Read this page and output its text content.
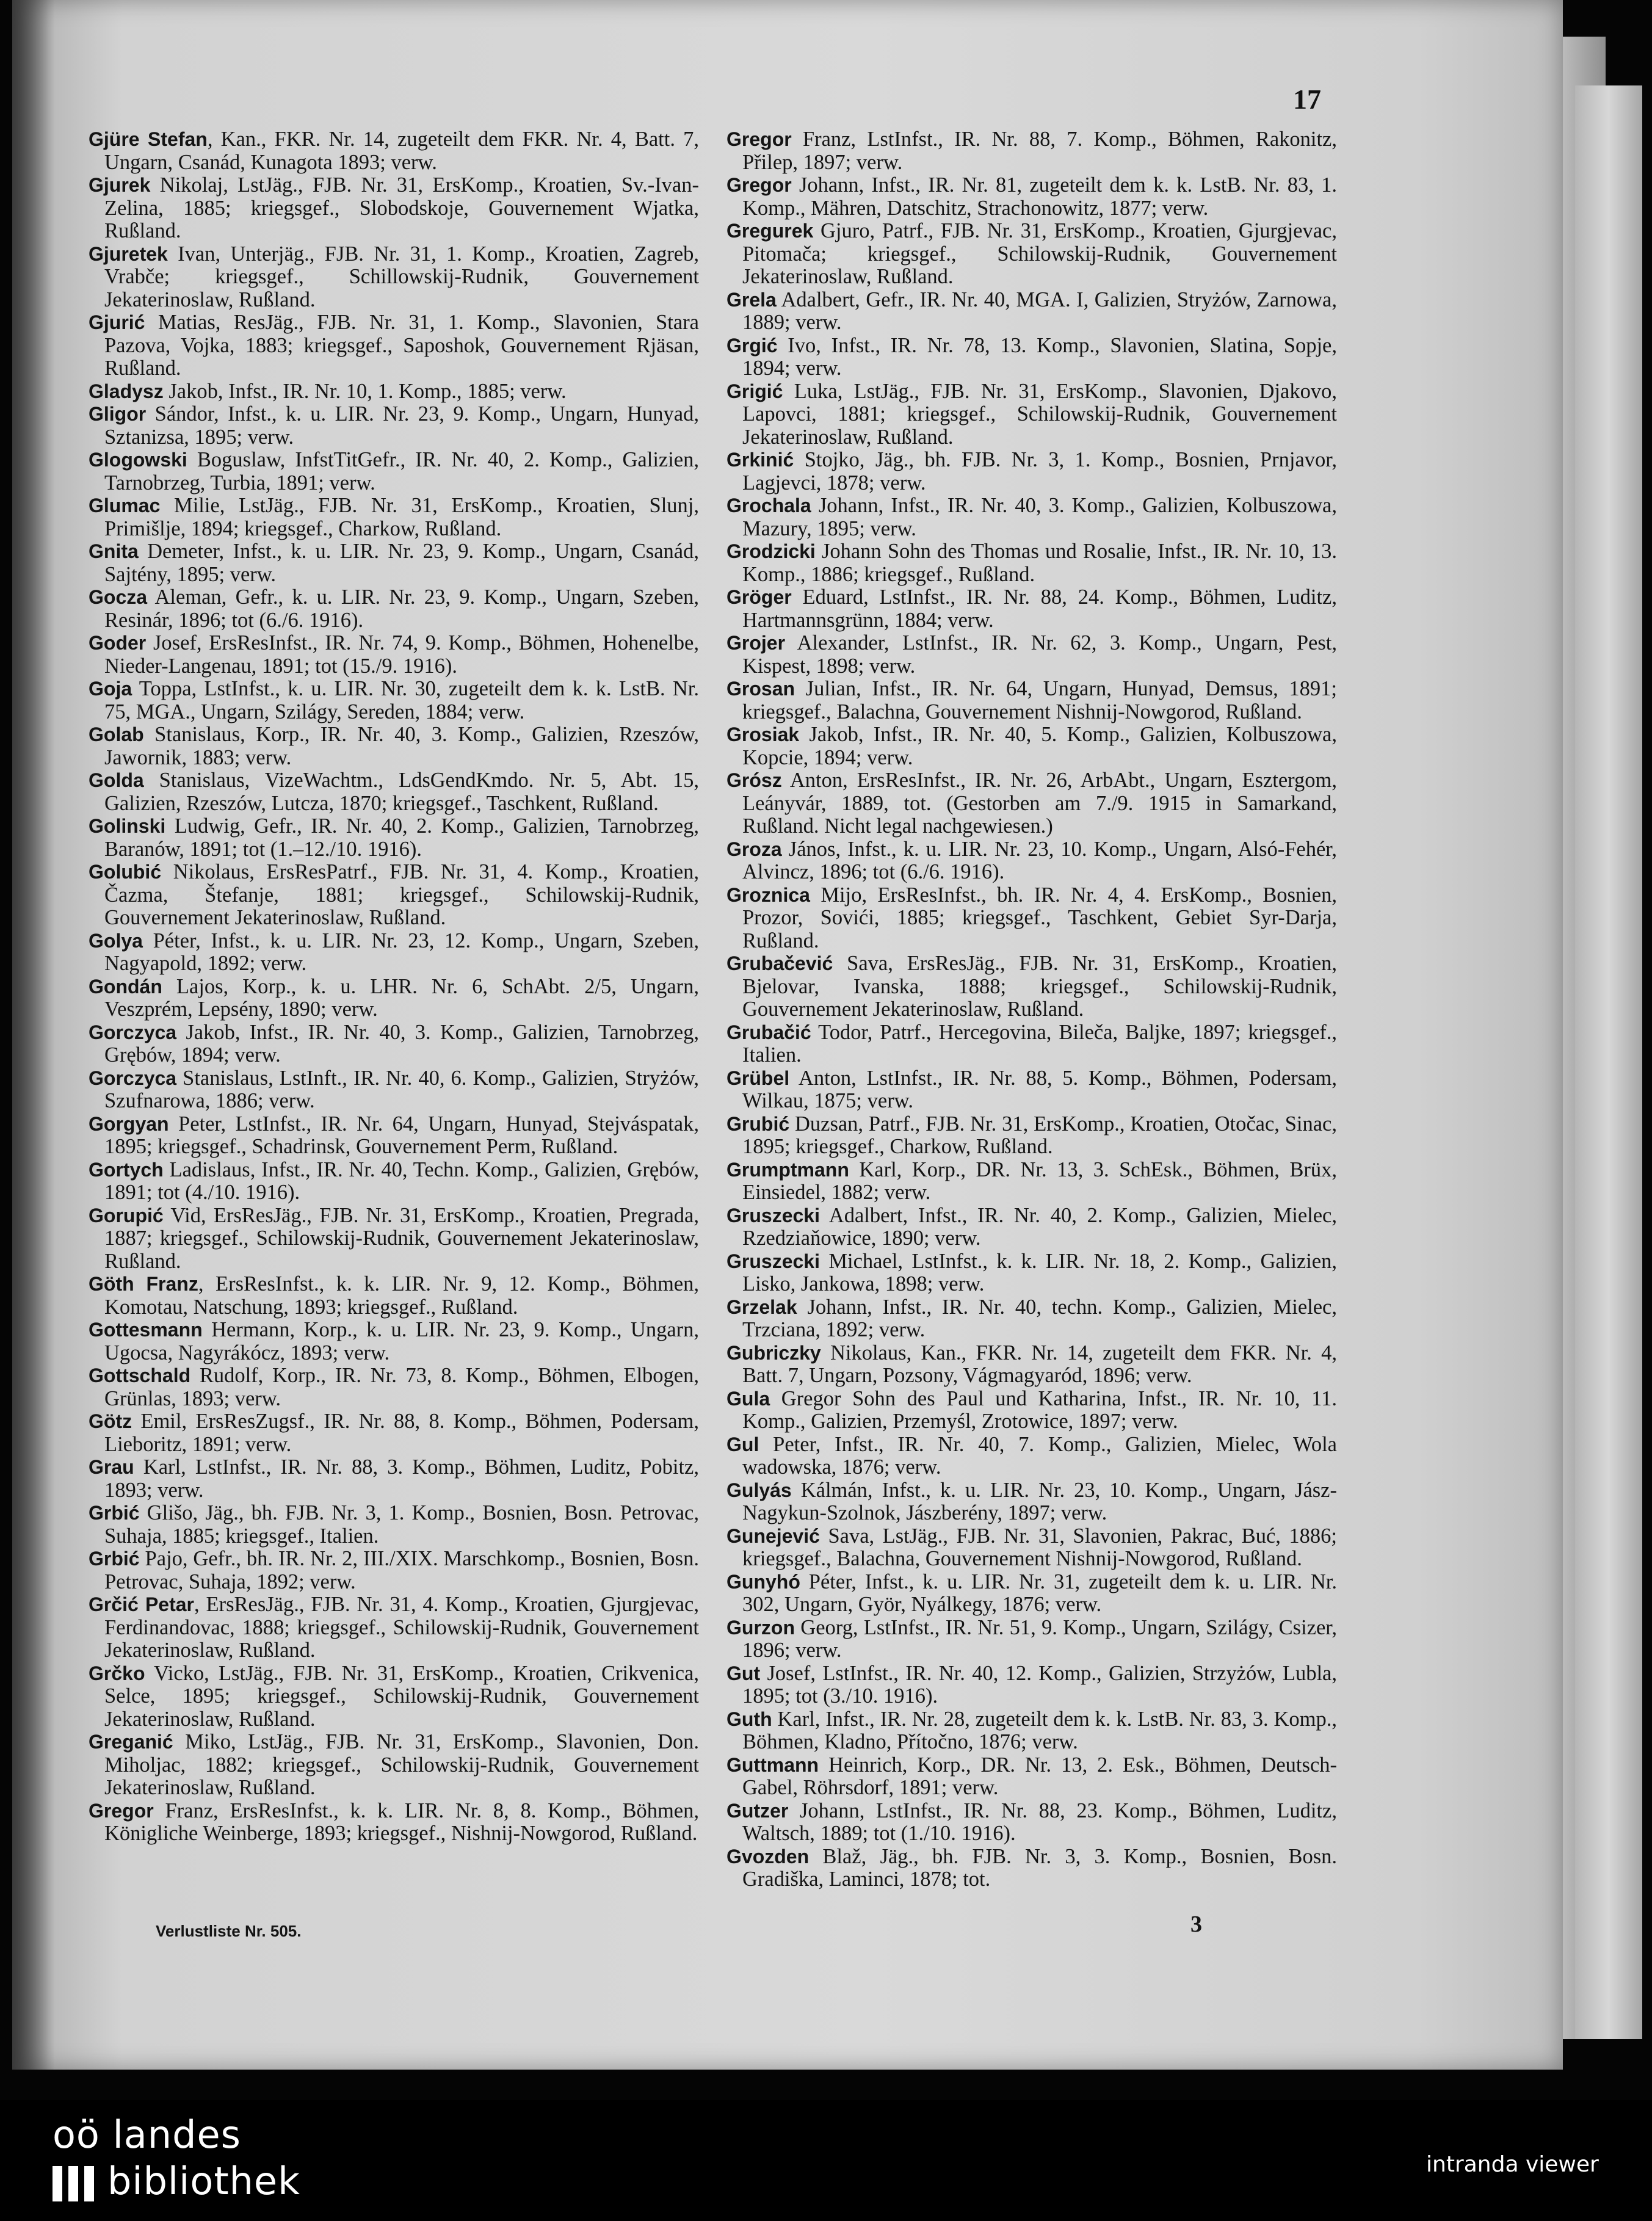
17

Gjüre Stefan, Kan., FKR. Nr. 14, zugeteilt dem FKR. Nr. 4, Batt. 7, Ungarn, Csanád, Kunagota 1893; verw.

Gjurek Nikolaj, LstJäg., FJB. Nr. 31, ErsKomp., Kroatien, Sv.-Ivan-Zelina, 1885; kriegsgef., Slobodskoje, Gouvernement Wjatka, Rußland.

Gjuretek Ivan, Unterjäg., FJB. Nr. 31, 1. Komp., Kroatien, Zagreb, Vrabče; kriegsgef., Schillowskij-Rudnik, Gouvernement Jekaterinoslaw, Rußland.

Gjurić Matias, ResJäg., FJB. Nr. 31, 1. Komp., Slavonien, Stara Pazova, Vojka, 1883; kriegsgef., Saposhok, Gouvernement Rjäsan, Rußland.

Gladysz Jakob, Infst., IR. Nr. 10, 1. Komp., 1885; verw.

Gligor Sándor, Infst., k. u. LIR. Nr. 23, 9. Komp., Ungarn, Hunyad, Sztanizsa, 1895; verw.

Glogowski Boguslaw, InfstTitGefr., IR. Nr. 40, 2. Komp., Galizien, Tarnobrzeg, Turbia, 1891; verw.

Glumac Milie, LstJäg., FJB. Nr. 31, ErsKomp., Kroatien, Slunj, Primišlje, 1894; kriegsgef., Charkow, Rußland.

Gnita Demeter, Infst., k. u. LIR. Nr. 23, 9. Komp., Ungarn, Csanád, Sajtény, 1895; verw.

Gocza Aleman, Gefr., k. u. LIR. Nr. 23, 9. Komp., Ungarn, Szeben, Resinár, 1896; tot (6./6. 1916).

Goder Josef, ErsResInfst., IR. Nr. 74, 9. Komp., Böhmen, Hohenelbe, Nieder-Langenau, 1891; tot (15./9. 1916).

Goja Toppa, LstInfst., k. u. LIR. Nr. 30, zugeteilt dem k. k. LstB. Nr. 75, MGA., Ungarn, Szilágy, Sereden, 1884; verw.

Golab Stanislaus, Korp., IR. Nr. 40, 3. Komp., Galizien, Rzeszów, Jawornik, 1883; verw.

Golda Stanislaus, VizeWachtm., LdsGendKmdo. Nr. 5, Abt. 15, Galizien, Rzeszów, Lutcza, 1870; kriegsgef., Taschkent, Rußland.

Golinski Ludwig, Gefr., IR. Nr. 40, 2. Komp., Galizien, Tarnobrzeg, Baranów, 1891; tot (1.–12./10. 1916).

Golubić Nikolaus, ErsResPatrf., FJB. Nr. 31, 4. Komp., Kroatien, Čazma, Štefanje, 1881; kriegsgef., Schilowskij-Rudnik, Gouvernement Jekaterinoslaw, Rußland.

Golya Péter, Infst., k. u. LIR. Nr. 23, 12. Komp., Ungarn, Szeben, Nagyapold, 1892; verw.

Gondán Lajos, Korp., k. u. LHR. Nr. 6, SchAbt. 2/5, Ungarn, Veszprém, Lepsény, 1890; verw.

Gorczyca Jakob, Infst., IR. Nr. 40, 3. Komp., Galizien, Tarnobrzeg, Grębów, 1894; verw.

Gorczyca Stanislaus, LstInft., IR. Nr. 40, 6. Komp., Galizien, Stryżów, Szufnarowa, 1886; verw.

Gorgyan Peter, LstInfst., IR. Nr. 64, Ungarn, Hunyad, Stejváspatak, 1895; kriegsgef., Schadrinsk, Gouvernement Perm, Rußland.

Gortych Ladislaus, Infst., IR. Nr. 40, Techn. Komp., Galizien, Grębów, 1891; tot (4./10. 1916).

Gorupić Vid, ErsResJäg., FJB. Nr. 31, ErsKomp., Kroatien, Pregrada, 1887; kriegsgef., Schilowskij-Rudnik, Gouvernement Jekaterinoslaw, Rußland.

Göth Franz, ErsResInfst., k. k. LIR. Nr. 9, 12. Komp., Böhmen, Komotau, Natschung, 1893; kriegsgef., Rußland.

Gottesmann Hermann, Korp., k. u. LIR. Nr. 23, 9. Komp., Ungarn, Ugocsa, Nagyrákócz, 1893; verw.

Gottschald Rudolf, Korp., IR. Nr. 73, 8. Komp., Böhmen, Elbogen, Grünlas, 1893; verw.

Götz Emil, ErsResZugsf., IR. Nr. 88, 8. Komp., Böhmen, Podersam, Lieboritz, 1891; verw.

Grau Karl, LstInfst., IR. Nr. 88, 3. Komp., Böhmen, Luditz, Pobitz, 1893; verw.

Grbić Glišo, Jäg., bh. FJB. Nr. 3, 1. Komp., Bosnien, Bosn. Petrovac, Suhaja, 1885; kriegsgef., Italien.

Grbić Pajo, Gefr., bh. IR. Nr. 2, III./XIX. Marschkomp., Bosnien, Bosn. Petrovac, Suhaja, 1892; verw.

Grčić Petar, ErsResJäg., FJB. Nr. 31, 4. Komp., Kroatien, Gjurgjevac, Ferdinandovac, 1888; kriegsgef., Schilowskij-Rudnik, Gouvernement Jekaterinoslaw, Rußland.

Grčko Vicko, LstJäg., FJB. Nr. 31, ErsKomp., Kroatien, Crikvenica, Selce, 1895; kriegsgef., Schilowskij-Rudnik, Gouvernement Jekaterinoslaw, Rußland.

Greganić Miko, LstJäg., FJB. Nr. 31, ErsKomp., Slavonien, Don. Miholjac, 1882; kriegsgef., Schilowskij-Rudnik, Gouvernement Jekaterinoslaw, Rußland.

Gregor Franz, ErsResInfst., k. k. LIR. Nr. 8, 8. Komp., Böhmen, Königliche Weinberge, 1893; kriegsgef., Nishnij-Nowgorod, Rußland.

Gregor Franz, LstInfst., IR. Nr. 88, 7. Komp., Böhmen, Rakonitz, Přilep, 1897; verw.

Gregor Johann, Infst., IR. Nr. 81, zugeteilt dem k. k. LstB. Nr. 83, 1. Komp., Mähren, Datschitz, Strachonowitz, 1877; verw.

Gregurek Gjuro, Patrf., FJB. Nr. 31, ErsKomp., Kroatien, Gjurgjevac, Pitomača; kriegsgef., Schilowskij-Rudnik, Gouvernement Jekaterinoslaw, Rußland.

Grela Adalbert, Gefr., IR. Nr. 40, MGA. I, Galizien, Stryżów, Zarnowa, 1889; verw.

Grgić Ivo, Infst., IR. Nr. 78, 13. Komp., Slavonien, Slatina, Sopje, 1894; verw.

Grigić Luka, LstJäg., FJB. Nr. 31, ErsKomp., Slavonien, Djakovo, Lapovci, 1881; kriegsgef., Schilowskij-Rudnik, Gouvernement Jekaterinoslaw, Rußland.

Grkinić Stojko, Jäg., bh. FJB. Nr. 3, 1. Komp., Bosnien, Prnjavor, Lagjevci, 1878; verw.

Grochala Johann, Infst., IR. Nr. 40, 3. Komp., Galizien, Kolbuszowa, Mazury, 1895; verw.

Grodzicki Johann Sohn des Thomas und Rosalie, Infst., IR. Nr. 10, 13. Komp., 1886; kriegsgef., Rußland.

Gröger Eduard, LstInfst., IR. Nr. 88, 24. Komp., Böhmen, Luditz, Hartmannsgrünn, 1884; verw.

Grojer Alexander, LstInfst., IR. Nr. 62, 3. Komp., Ungarn, Pest, Kispest, 1898; verw.

Grosan Julian, Infst., IR. Nr. 64, Ungarn, Hunyad, Demsus, 1891; kriegsgef., Balachna, Gouvernement Nishnij-Nowgorod, Rußland.

Grosiak Jakob, Infst., IR. Nr. 40, 5. Komp., Galizien, Kolbuszowa, Kopcie, 1894; verw.

Grósz Anton, ErsResInfst., IR. Nr. 26, ArbAbt., Ungarn, Esztergom, Leányvár, 1889, tot. (Gestorben am 7./9. 1915 in Samarkand, Rußland. Nicht legal nachgewiesen.)

Groza János, Infst., k. u. LIR. Nr. 23, 10. Komp., Ungarn, Alsó-Fehér, Alvincz, 1896; tot (6./6. 1916).

Groznica Mijo, ErsResInfst., bh. IR. Nr. 4, 4. ErsKomp., Bosnien, Prozor, Sovići, 1885; kriegsgef., Taschkent, Gebiet Syr-Darja, Rußland.

Grubačević Sava, ErsResJäg., FJB. Nr. 31, ErsKomp., Kroatien, Bjelovar, Ivanska, 1888; kriegsgef., Schilowskij-Rudnik, Gouvernement Jekaterinoslaw, Rußland.

Grubačić Todor, Patrf., Hercegovina, Bileča, Baljke, 1897; kriegsgef., Italien.

Grübel Anton, LstInfst., IR. Nr. 88, 5. Komp., Böhmen, Podersam, Wilkau, 1875; verw.

Grubić Duzsan, Patrf., FJB. Nr. 31, ErsKomp., Kroatien, Otočac, Sinac, 1895; kriegsgef., Charkow, Rußland.

Grumptmann Karl, Korp., DR. Nr. 13, 3. SchEsk., Böhmen, Brüx, Einsiedel, 1882; verw.

Gruszecki Adalbert, Infst., IR. Nr. 40, 2. Komp., Galizien, Mielec, Rzedziaňowice, 1890; verw.

Gruszecki Michael, LstInfst., k. k. LIR. Nr. 18, 2. Komp., Galizien, Lisko, Jankowa, 1898; verw.

Grzelak Johann, Infst., IR. Nr. 40, techn. Komp., Galizien, Mielec, Trzciana, 1892; verw.

Gubriczky Nikolaus, Kan., FKR. Nr. 14, zugeteilt dem FKR. Nr. 4, Batt. 7, Ungarn, Pozsony, Vágmagyaród, 1896; verw.

Gula Gregor Sohn des Paul und Katharina, Infst., IR. Nr. 10, 11. Komp., Galizien, Przemyśl, Zrotowice, 1897; verw.

Gul Peter, Infst., IR. Nr. 40, 7. Komp., Galizien, Mielec, Wola wadowska, 1876; verw.

Gulyás Kálmán, Infst., k. u. LIR. Nr. 23, 10. Komp., Ungarn, Jász-Nagykun-Szolnok, Jászberény, 1897; verw.

Gunejević Sava, LstJäg., FJB. Nr. 31, Slavonien, Pakrac, Buć, 1886; kriegsgef., Balachna, Gouvernement Nishnij-Nowgorod, Rußland.

Gunyhó Péter, Infst., k. u. LIR. Nr. 31, zugeteilt dem k. u. LIR. Nr. 302, Ungarn, Györ, Nyálkegy, 1876; verw.

Gurzon Georg, LstInfst., IR. Nr. 51, 9. Komp., Ungarn, Szilágy, Csizer, 1896; verw.

Gut Josef, LstInfst., IR. Nr. 40, 12. Komp., Galizien, Strzyżów, Lubla, 1895; tot (3./10. 1916).

Guth Karl, Infst., IR. Nr. 28, zugeteilt dem k. k. LstB. Nr. 83, 3. Komp., Böhmen, Kladno, Přítočno, 1876; verw.

Guttmann Heinrich, Korp., DR. Nr. 13, 2. Esk., Böhmen, Deutsch-Gabel, Röhrsdorf, 1891; verw.

Gutzer Johann, LstInfst., IR. Nr. 88, 23. Komp., Böhmen, Luditz, Waltsch, 1889; tot (1./10. 1916).

Gvozden Blaž, Jäg., bh. FJB. Nr. 3, 3. Komp., Bosnien, Bosn. Gradiška, Laminci, 1878; tot.

Verlustliste Nr. 505.	3
oö landes
bibliothek	intranda viewer
